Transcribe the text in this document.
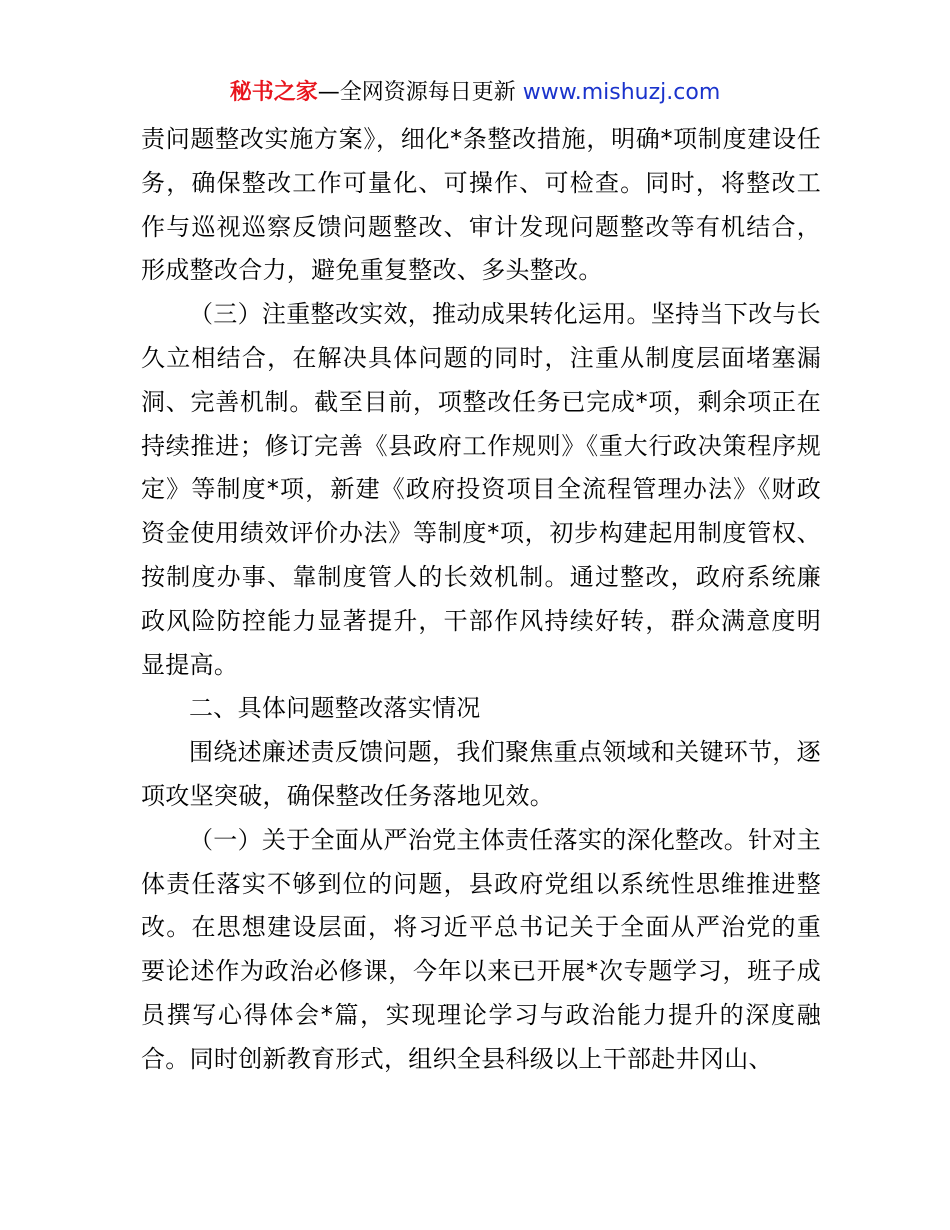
秘书之家—全网资源每日更新 www.mishuzj.com

责问题整改实施方案》，细化*条整改措施，明确*项制度建设任务，确保整改工作可量化、可操作、可检查。同时，将整改工作与巡视巡察反馈问题整改、审计发现问题整改等有机结合，形成整改合力，避免重复整改、多头整改。

（三）注重整改实效，推动成果转化运用。坚持当下改与长久立相结合，在解决具体问题的同时，注重从制度层面堵塞漏洞、完善机制。截至目前，项整改任务已完成*项，剩余项正在持续推进；修订完善《县政府工作规则》《重大行政决策程序规定》等制度*项，新建《政府投资项目全流程管理办法》《财政资金使用绩效评价办法》等制度*项，初步构建起用制度管权、按制度办事、靠制度管人的长效机制。通过整改，政府系统廉政风险防控能力显著提升，干部作风持续好转，群众满意度明显提高。

二、具体问题整改落实情况

围绕述廉述责反馈问题，我们聚焦重点领域和关键环节，逐项攻坚突破，确保整改任务落地见效。

（一）关于全面从严治党主体责任落实的深化整改。针对主体责任落实不够到位的问题，县政府党组以系统性思维推进整改。在思想建设层面，将习近平总书记关于全面从严治党的重要论述作为政治必修课，今年以来已开展*次专题学习，班子成员撰写心得体会*篇，实现理论学习与政治能力提升的深度融合。同时创新教育形式，组织全县科级以上干部赴井冈山、
